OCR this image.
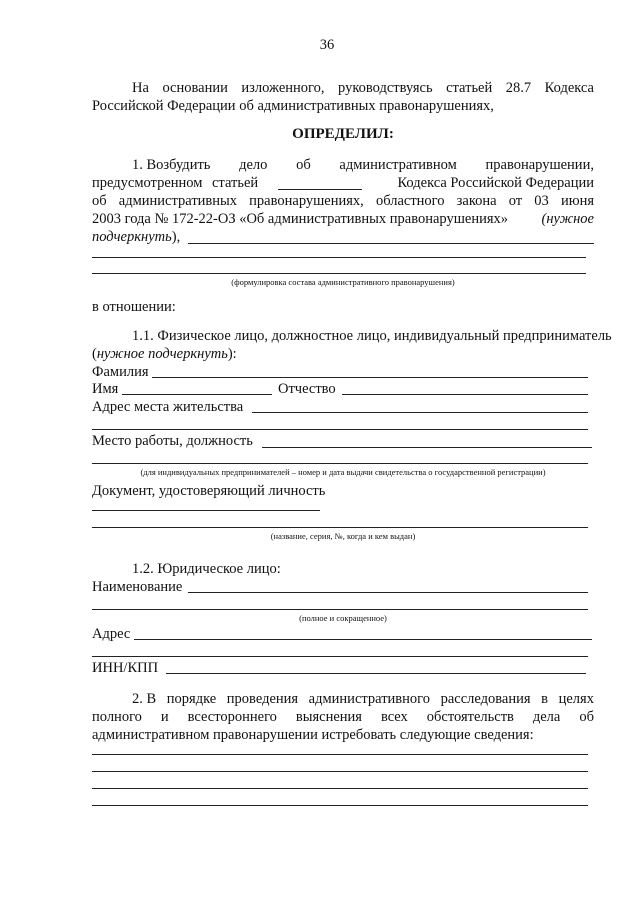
36
На основании изложенного, руководствуясь статьей 28.7 Кодекса
Российской Федерации об административных правонарушениях,
ОПРЕДЕЛИЛ:
1. Возбудить дело об административном правонарушении,
предусмотренном статьей	Кодекса Российской Федерации
об административных правонарушениях, областного закона от 03 июня
2003 года № 172-22-ОЗ «Об административных правонарушениях» (нужное
подчеркнуть),
(формулировка состава административного правонарушения)
в отношении:
1.1. Физическое лицо, должностное лицо, индивидуальный предприниматель
(нужное подчеркнуть):
Фамилия
Имя	Отчество
Адрес места жительства
Место работы, должность
(для индивидуальных предпринимателей – номер и дата выдачи свидетельства о государственной регистрации)
Документ, удостоверяющий личность
(название, серия, №, когда и кем выдан)
1.2. Юридическое лицо:
Наименование
(полное и сокращенное)
Адрес
ИНН/КПП
2. В порядке проведения административного расследования в целях
полного и всестороннего выяснения всех обстоятельств дела об
административном правонарушении истребовать следующие сведения:
